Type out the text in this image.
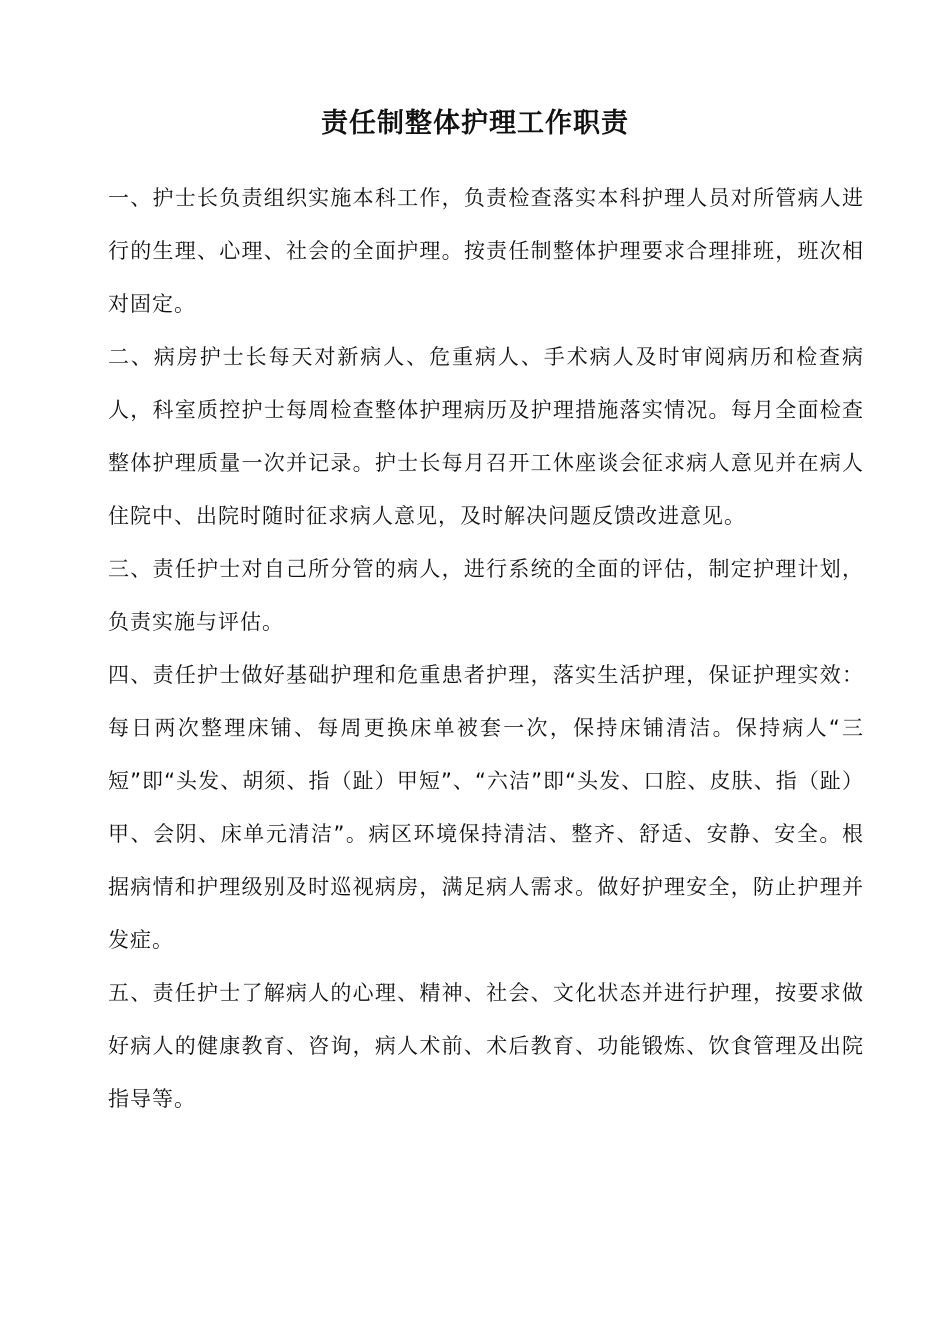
责任制整体护理工作职责

一、护士长负责组织实施本科工作，负责检查落实本科护理人员对所管病人进行的生理、心理、社会的全面护理。按责任制整体护理要求合理排班，班次相对固定。

二、病房护士长每天对新病人、危重病人、手术病人及时审阅病历和检查病人，科室质控护士每周检查整体护理病历及护理措施落实情况。每月全面检查整体护理质量一次并记录。护士长每月召开工休座谈会征求病人意见并在病人住院中、出院时随时征求病人意见，及时解决问题反馈改进意见。

三、责任护士对自己所分管的病人，进行系统的全面的评估，制定护理计划，负责实施与评估。

四、责任护士做好基础护理和危重患者护理，落实生活护理，保证护理实效：每日两次整理床铺、每周更换床单被套一次，保持床铺清洁。保持病人“三短”即“头发、胡须、指（趾）甲短”、“六洁”即“头发、口腔、皮肤、指（趾）甲、会阴、床单元清洁”。病区环境保持清洁、整齐、舒适、安静、安全。根据病情和护理级别及时巡视病房，满足病人需求。做好护理安全，防止护理并发症。

五、责任护士了解病人的心理、精神、社会、文化状态并进行护理，按要求做好病人的健康教育、咨询，病人术前、术后教育、功能锻炼、饮食管理及出院指导等。
